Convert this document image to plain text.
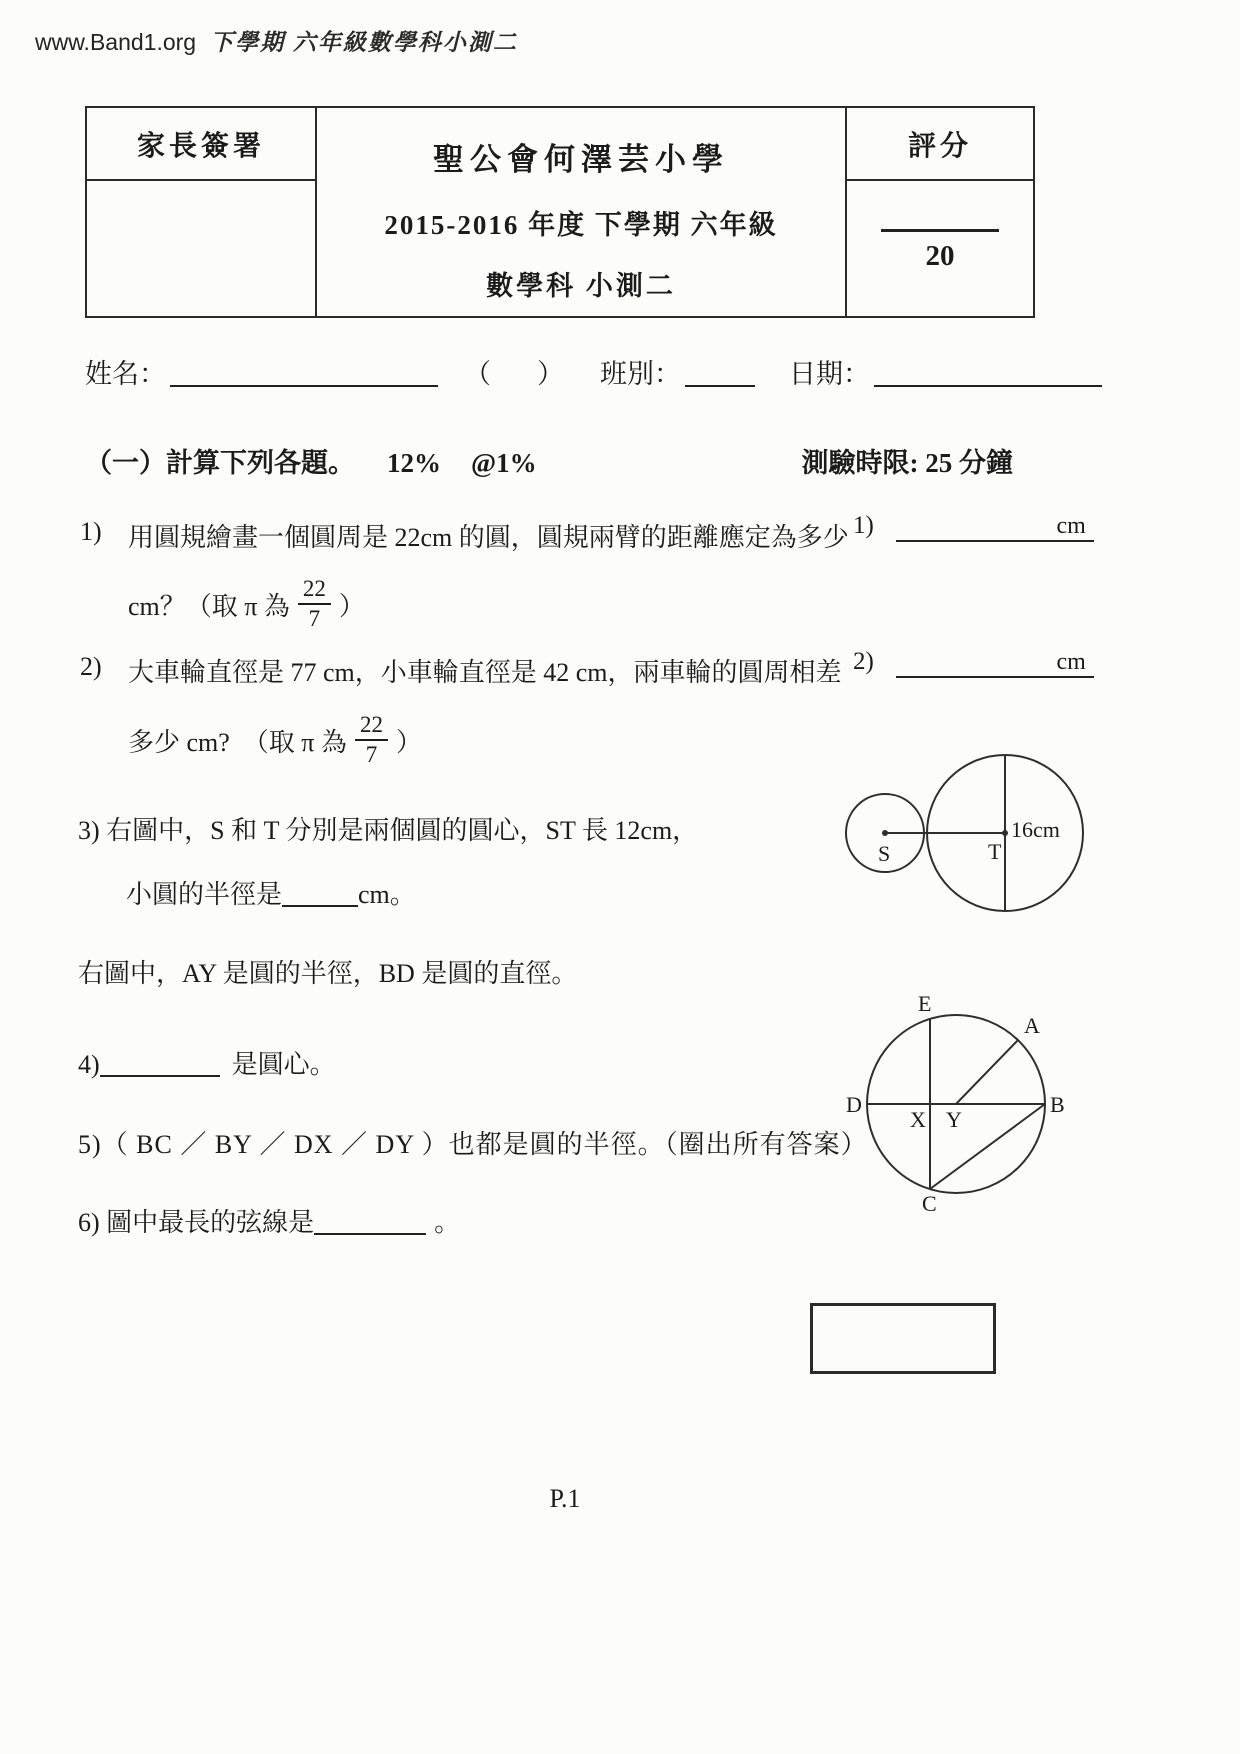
www.Band1.org 下學期 六年級數學科小測二
家長簽署	聖公會何澤芸小學
2015-2016 年度 下學期 六年級
數學科 小測二
評分
20
姓名：	（ ） 班別：	日期：
（一）計算下列各題。 12% @1%	測驗時限: 25 分鐘
1)	用圓規繪畫一個圓周是 22cm 的圓，圓規兩臂的距離應定為多少
cm？（取 π 為 $\frac{22}{7}$ ）
1)	cm
2)	大車輪直徑是 77 cm，小車輪直徑是 42 cm，兩車輪的圓周相差
多少 cm?　（取 π 為 $\frac{22}{7}$ ）
2)	cm
S	T
16cm
3) 右圖中，S 和 T 分別是兩個圓的圓心，ST 長 12cm，
小圓的半徑是	cm。
右圖中，AY 是圓的半徑，BD 是圓的直徑。
E
A
D	B
C
X Y
4)	是圓心。
5)（ BC ／ BY ／ DX ／ DY ）也都是圓的半徑。（圈出所有答案）
6) 圖中最長的弦線是	。
P.1
